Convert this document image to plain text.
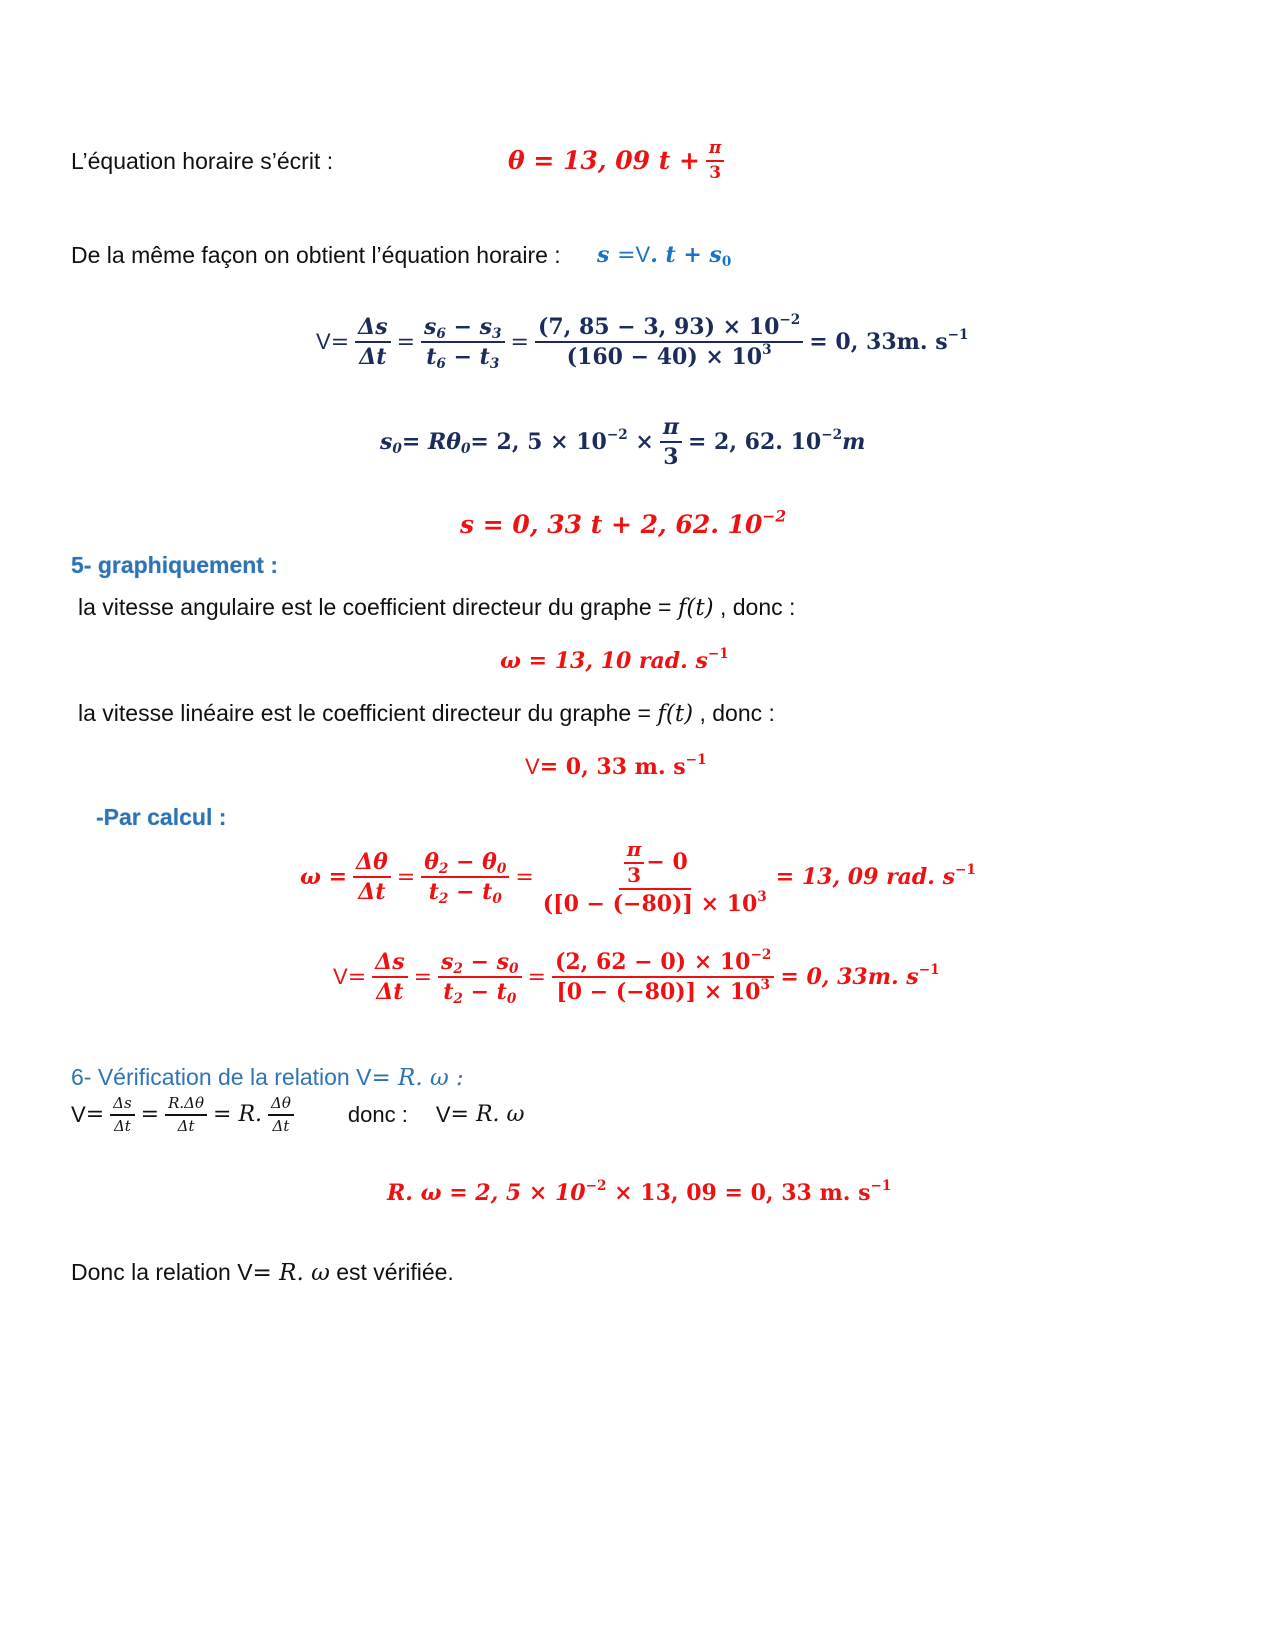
L’équation horaire s’écrit :	θ = 13, 09 $t + \frac{\pi}{3}$
De la même façon on obtient l’équation horaire : s =V. $t + s_0$
$V = \frac{\Delta s}{\Delta t} = \frac{s_6 - s_3}{t_6 - t_3} = \frac{(7, 85 - 3, 93) \times 10^{-2}}{(160 - 40) \times 10^3} = 0$, 33m. $s^{-1}$
$s_0 = R\theta_0 = 2$, $5 \times 10^{-2} \times \frac{\pi}{3} = 2$, 62. $10^{-2}m$
s = 0, 33 t + 2, 62. $10^{-2}$
5- graphiquement :
la vitesse angulaire est le coefficient directeur du graphe = f(t) , donc :
ω = 13, 10 rad. $s^{-1}$
la vitesse linéaire est le coefficient directeur du graphe = f(t) , donc :
V= 0, 33 m. $s^{-1}$
-Par calcul :
$\omega = \frac{\Delta\theta}{\Delta t} = \frac{\theta_2 - \theta_0}{t_2 - t_0} = \frac{\frac{\pi}{3} - 0}{([0 - (-80)] \times 10^3} = 13$, 09 rad. $s^{-1}$
$V = \frac{\Delta s}{\Delta t} = \frac{s_2 - s_0}{t_2 - t_0} = \frac{(2, 62 - 0) \times 10^{-2}}{[0 - (-80)] \times 10^3} = 0$, 33m. $s^{-1}$
6- Vérification de la relation V= R. ω :
$V = \frac{\Delta s}{\Delta t} = \frac{R.\Delta\theta}{\Delta t} = R$. $\frac{\Delta\theta}{\Delta t}$ donc : V = R. ω
R. ω = 2, $5 \times 10^{-2} \times 13$, 09 = 0, 33 m. $s^{-1}$
Donc la relation V= R. ω est vérifiée.
